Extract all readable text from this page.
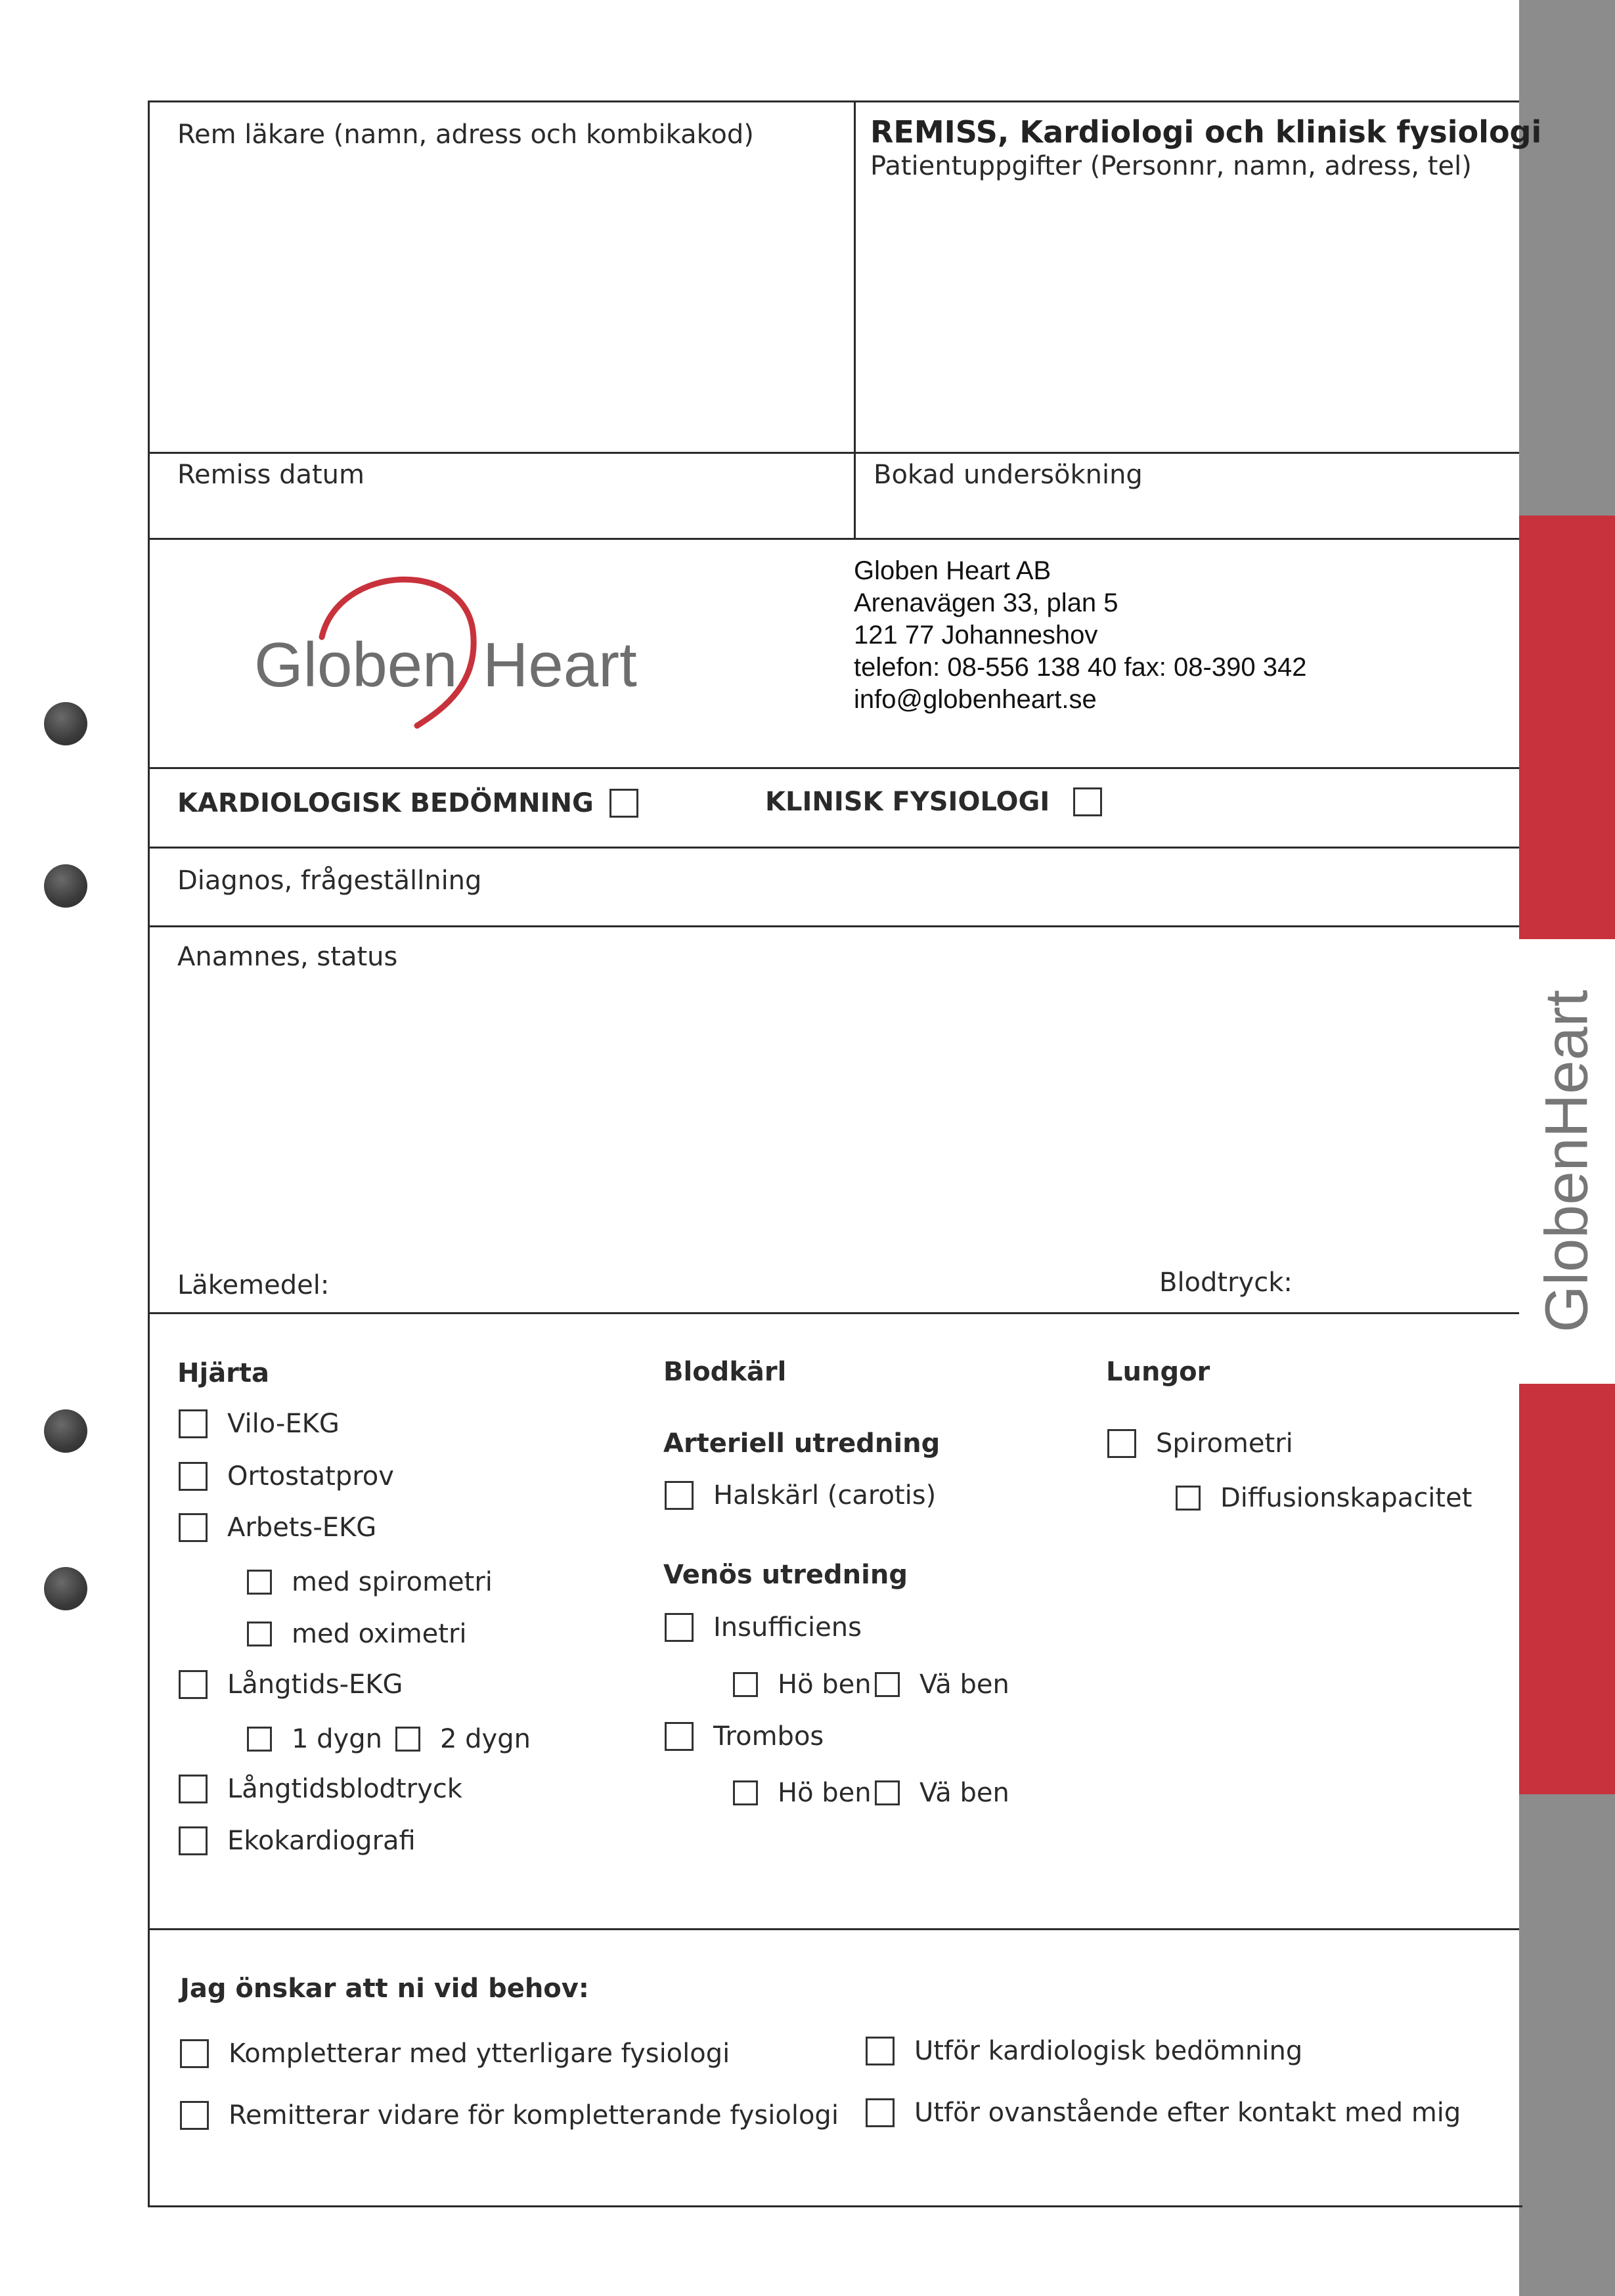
GlobenHeart
Rem läkare (namn, adress och kombikakod)	REMISS, Kardiologi och klinisk fysiologi
Patientuppgifter (Personnr, namn, adress, tel)
Remiss datum	Bokad undersökning
Globen Heart
Globen Heart AB
Arenavägen 33, plan 5
121 77 Johanneshov
telefon: 08-556 138 40 fax: 08-390 342
info@globenheart.se
KARDIOLOGISK BEDÖMNING	KLINISK FYSIOLOGI
Diagnos, frågeställning
Anamnes, status
Läkemedel:	Blodtryck:
Hjärta
Vilo-EKG
Ortostatprov
Arbets-EKG
med spirometri
med oximetri
Långtids-EKG
1 dygn 2 dygn
Långtidsblodtryck
Ekokardiografi
Blodkärl
Arteriell utredning
Halskärl (carotis)
Venös utredning
Insufficiens
Hö ben Vä ben
Trombos
Hö ben Vä ben
Lungor
Spirometri
Diffusionskapacitet
Jag önskar att ni vid behov:
Kompletterar med ytterligare fysiologi
Remitterar vidare för kompletterande fysiologi
Utför kardiologisk bedömning
Utför ovanstående efter kontakt med mig
